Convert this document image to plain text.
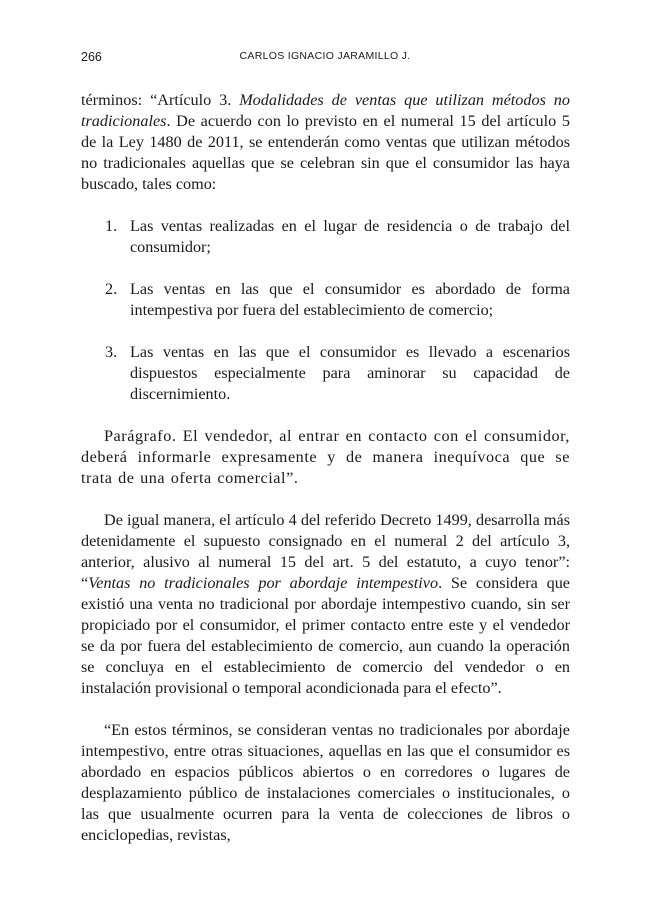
266	CARLOS IGNACIO JARAMILLO J.

términos: “Artículo 3. Modalidades de ventas que utilizan métodos no tradicionales. De acuerdo con lo previsto en el numeral 15 del artículo 5 de la Ley 1480 de 2011, se entenderán como ventas que utilizan métodos no tradicionales aquellas que se celebran sin que el consumidor las haya buscado, tales como:

1. Las ventas realizadas en el lugar de residencia o de trabajo del consumidor;
2. Las ventas en las que el consumidor es abordado de forma intempestiva por fuera del establecimiento de comercio;
3. Las ventas en las que el consumidor es llevado a escenarios dispuestos especialmente para aminorar su capacidad de discernimiento.

Parágrafo. El vendedor, al entrar en contacto con el consumidor, deberá informarle expresamente y de manera inequívoca que se trata de una oferta comercial”.

De igual manera, el artículo 4 del referido Decreto 1499, desarrolla más detenidamente el supuesto consignado en el numeral 2 del artículo 3, anterior, alusivo al numeral 15 del art. 5 del estatuto, a cuyo tenor”: “Ventas no tradicionales por abordaje intempestivo. Se considera que existió una venta no tradicional por abordaje intempestivo cuando, sin ser propiciado por el consumidor, el primer contacto entre este y el vendedor se da por fuera del establecimiento de comercio, aun cuando la operación se concluya en el establecimiento de comercio del vendedor o en instalación provisional o temporal acondicionada para el efecto”.

“En estos términos, se consideran ventas no tradicionales por abordaje intempestivo, entre otras situaciones, aquellas en las que el consumidor es abordado en espacios públicos abiertos o en corredores o lugares de desplazamiento público de instalaciones comerciales o institucionales, o las que usualmente ocurren para la venta de colecciones de libros o enciclopedias, revistas,
